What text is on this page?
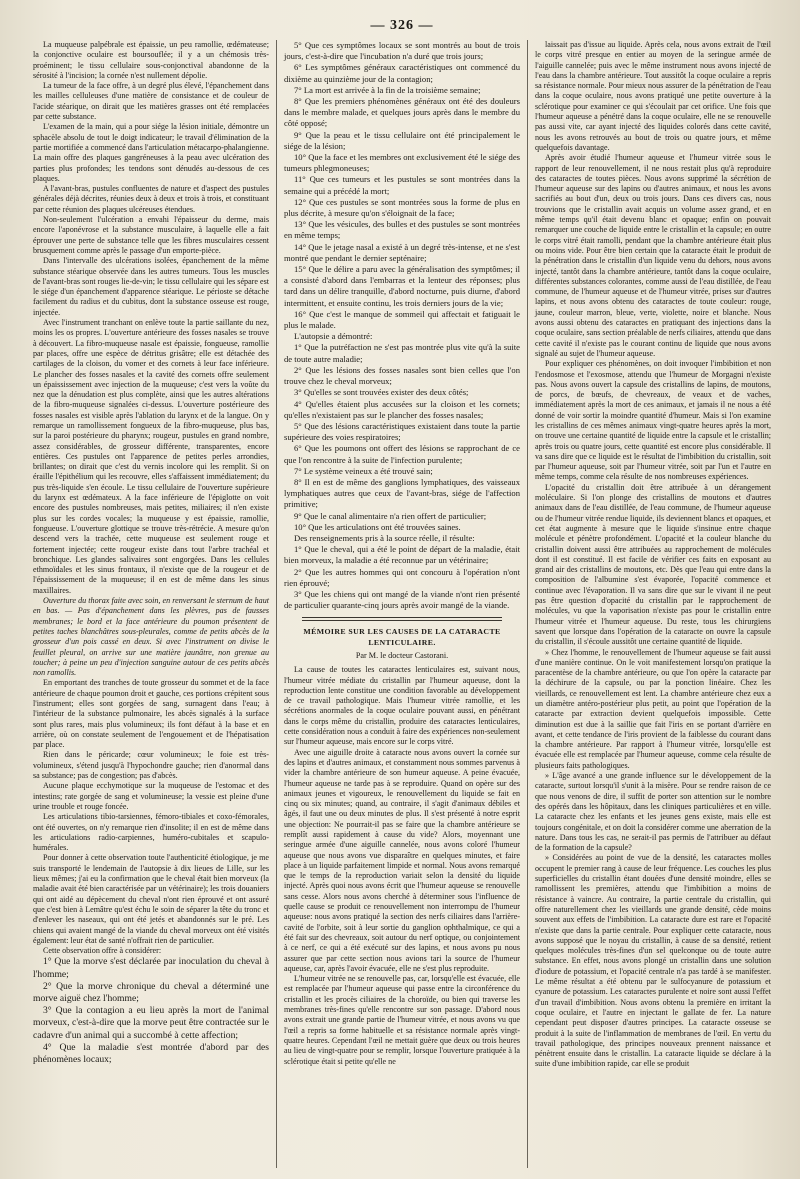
— 326 —

La muqueuse palpébrale est épaissie, un peu ramollie, œdémateuse; la conjonctive oculaire est boursouflée; il y a un chémosis très-proéminent; le tissu cellulaire sous-conjonctival abandonne de la sérosité à l'incision; la cornée n'est nullement dépolie.

La tumeur de la face offre, à un degré plus élevé, l'épanchement dans les mailles celluleuses d'une matière de consistance et de couleur de l'acide stéarique, on dirait que les matières grasses ont été remplacées par cette substance.

L'examen de la main, qui a pour siége la lésion initiale, démontre un sphacèle absolu de tout le doigt indicateur; le travail d'élimination de la partie mortifiée a commencé dans l'articulation métacarpo-phalangienne. La main offre des plaques gangréneuses à la peau avec ulcération des parties plus profondes; les tendons sont dénudés au-dessous de ces plaques.

A l'avant-bras, pustules confluentes de nature et d'aspect des pustules générales déjà décrites, réunies deux à deux et trois à trois, et constituant par cette réunion des plaques ulcéreuses étendues.

Non-seulement l'ulcération a envahi l'épaisseur du derme, mais encore l'aponévrose et la substance musculaire, à laquelle elle a fait éprouver une perte de substance telle que les fibres musculaires cessent brusquement comme après le passage d'un emporte-pièce.

Dans l'intervalle des ulcérations isolées, épanchement de la même substance stéarique observée dans les autres tumeurs. Tous les muscles de l'avant-bras sont rouges lie-de-vin; le tissu cellulaire qui les sépare est le siége d'un épanchement d'apparence stéarique. Le périoste se détache facilement du radius et du cubitus, dont la substance osseuse est rouge, injectée.

Avec l'instrument tranchant on enlève toute la partie saillante du nez, moins les os propres. L'ouverture antérieure des fosses nasales se trouve à découvert. La fibro-muqueuse nasale est épaissie, fongueuse, ramollie par places, offre une espèce de détritus grisâtre; elle est détachée des cartilages de la cloison, du vomer et des cornets à leur face inférieure. Le plancher des fosses nasales et la cavité des cornets offre seulement un épaississement avec injection de la muqueuse; c'est vers la voûte du nez que la dénudation est plus complète, ainsi que les autres altérations de la fibro-muqueuse signalées ci-dessus. L'ouverture postérieure des fosses nasales est visible après l'ablation du larynx et de la langue. On y remarque un ramollissement fongueux de la fibro-muqueuse, plus bas, sur la paroi postérieure du pharynx; rougeur, pustules en grand nombre, assez considérables, de grosseur différente, transparentes, encore entières. Ces pustules ont l'apparence de petites perles arrondies, brillantes; on dirait que c'est du vernis incolore qui les remplit. Si on éraille l'épithélium qui les recouvre, elles s'affaissent immédiatement; du pus très-liquide s'en écoule. Le tissu cellulaire de l'ouverture supérieure du larynx est œdémateux. A la face inférieure de l'épiglotte on voit encore des pustules nombreuses, mais petites, miliaires; il n'en existe plus sur les cordes vocales; la muqueuse y est épaissie, ramollie, fongueuse. L'ouverture glottique se trouve très-rétrécie. A mesure qu'on descend vers la trachée, cette muqueuse est seulement rouge et fortement injectée; cette rougeur existe dans tout l'arbre trachéal et bronchique. Les glandes salivaires sont engorgées. Dans les cellules ethmoïdales et les sinus frontaux, il n'existe que de la rougeur et de l'épaississement de la muqueuse; il en est de même dans les sinus maxillaires.

Ouverture du thorax faite avec soin, en renversant le sternum de haut en bas. — Pas d'épanchement dans les plèvres, pas de fausses membranes; le bord et la face antérieure du poumon présentent de petites taches blanchâtres sous-pleurales, comme de petits abcès de la grosseur d'un pois cassé en deux. Si avec l'instrument on divise le feuillet pleural, on arrive sur une matière jaunâtre, non grenue au toucher; à peine un peu d'injection sanguine autour de ces petits abcès non ramollis.

En emportant des tranches de toute grosseur du sommet et de la face antérieure de chaque poumon droit et gauche, ces portions crépitent sous l'instrument; elles sont gorgées de sang, surnagent dans l'eau; à l'intérieur de la substance pulmonaire, les abcès signalés à la surface sont plus rares, mais plus volumineux; ils font défaut à la base et en arrière, où on constate seulement de l'engouement et de l'hépatisation par place.

Rien dans le péricarde; cœur volumineux; le foie est très-volumineux, s'étend jusqu'à l'hypochondre gauche; rien d'anormal dans sa substance; pas de congestion; pas d'abcès.

Aucune plaque ecchymotique sur la muqueuse de l'estomac et des intestins; rate gorgée de sang et volumineuse; la vessie est pleine d'une urine trouble et rouge foncée.

Les articulations tibio-tarsiennes, fémoro-tibiales et coxo-fémorales, ont été ouvertes, on n'y remarque rien d'insolite; il en est de même dans les articulations radio-carpiennes, huméro-cubitales et scapulo-humérales.

Pour donner à cette observation toute l'authenticité étiologique, je me suis transporté le lendemain de l'autopsie à dix lieues de Lille, sur les lieux mêmes; j'ai eu la confirmation que le cheval était bien morveux (la maladie avait été bien caractérisée par un vétérinaire); les trois douaniers qui ont aidé au dépècement du cheval n'ont rien éprouvé et ont assuré que c'est bien à Lemâtre qu'est échu le soin de séparer la tête du tronc et d'enlever les naseaux, qui ont été jetés et abandonnés sur le pré. Les chiens qui avaient mangé de la viande du cheval morveux ont été visités également: leur état de santé n'offrait rien de particulier.

Cette observation offre à considérer:

1° Que la morve s'est déclarée par inoculation du cheval à l'homme;

2° Que la morve chronique du cheval a déterminé une morve aiguë chez l'homme;

3° Que la contagion a eu lieu après la mort de l'animal morveux, c'est-à-dire que la morve peut être contractée sur le cadavre d'un animal qui a succombé à cette affection;

4° Que la maladie s'est montrée d'abord par des phénomènes locaux;

5° Que ces symptômes locaux se sont montrés au bout de trois jours, c'est-à-dire que l'incubation n'a duré que trois jours;

6° Les symptômes généraux caractéristiques ont commencé du dixième au quinzième jour de la contagion;

7° La mort est arrivée à la fin de la troisième semaine;

8° Que les premiers phénomènes généraux ont été des douleurs dans le membre malade, et quelques jours après dans le membre du côté opposé;

9° Que la peau et le tissu cellulaire ont été principalement le siége de la lésion;

10° Que la face et les membres ont exclusivement été le siége des tumeurs phlegmoneuses;

11° Que ces tumeurs et les pustules se sont montrées dans la semaine qui a précédé la mort;

12° Que ces pustules se sont montrées sous la forme de plus en plus décrite, à mesure qu'on s'éloignait de la face;

13° Que les vésicules, des bulles et des pustules se sont montrées en même temps;

14° Que le jetage nasal a existé à un degré très-intense, et ne s'est montré que pendant le dernier septénaire;

15° Que le délire a paru avec la généralisation des symptômes; il a consisté d'abord dans l'embarras et la lenteur des réponses; plus tard dans un délire tranquille, d'abord nocturne, puis diurne, d'abord intermittent, et ensuite continu, les trois derniers jours de la vie;

16° Que c'est le manque de sommeil qui affectait et fatiguait le plus le malade.

L'autopsie a démontré:

1° Que la putréfaction ne s'est pas montrée plus vite qu'à la suite de toute autre maladie;

2° Que les lésions des fosses nasales sont bien celles que l'on trouve chez le cheval morveux;

3° Qu'elles se sont trouvées exister des deux côtés;

4° Qu'elles étaient plus accusées sur la cloison et les cornets; qu'elles n'existaient pas sur le plancher des fosses nasales;

5° Que des lésions caractéristiques existaient dans toute la partie supérieure des voies respiratoires;

6° Que les poumons ont offert des lésions se rapprochant de ce que l'on rencontre à la suite de l'infection purulente;

7° Le système veineux a été trouvé sain;

8° Il en est de même des ganglions lymphatiques, des vaisseaux lymphatiques autres que ceux de l'avant-bras, siége de l'affection primitive;

9° Que le canal alimentaire n'a rien offert de particulier;

10° Que les articulations ont été trouvées saines.

Des renseignements pris à la source réelle, il résulte:

1° Que le cheval, qui a été le point de départ de la maladie, était bien morveux, la maladie a été reconnue par un vétérinaire;

2° Que les autres hommes qui ont concouru à l'opération n'ont rien éprouvé;

3° Que les chiens qui ont mangé de la viande n'ont rien présenté de particulier quarante-cinq jours après avoir mangé de la viande.

MÉMOIRE SUR LES CAUSES DE LA CATARACTE LENTICULAIRE.
Par M. le docteur Castorani.

La cause de toutes les cataractes lenticulaires est, suivant nous, l'humeur vitrée médiate du cristallin par l'humeur aqueuse, dont la reproduction lente constitue une condition favorable au développement de ce travail pathologique. Mais l'humeur vitrée ramollie, et les sécrétions anormales de la coque oculaire pouvant aussi, en pénétrant dans le corps même du cristallin, produire des cataractes lenticulaires, cette considération nous a conduit à faire des expériences non-seulement sur l'humeur aqueuse, mais encore sur le corps vitré.

Avec une aiguille droite à cataracte nous avons ouvert la cornée sur des lapins et d'autres animaux, et constamment nous sommes parvenus à vider la chambre antérieure de son humeur aqueuse. A peine évacuée, l'humeur aqueuse ne tarde pas à se reproduire. Quand on opère sur des animaux jeunes et vigoureux, le renouvellement du liquide se fait en cinq ou six minutes; quand, au contraire, il s'agit d'animaux débiles et âgés, il faut une ou deux minutes de plus. Il s'est présenté à notre esprit une objection: Ne pourrait-il pas se faire que la chambre antérieure se remplît aussi rapidement à cause du vide? Alors, moyennant une seringue armée d'une aiguille cannelée, nous avons coloré l'humeur aqueuse que nous avons vue disparaître en quelques minutes, et faire place à un liquide parfaitement limpide et normal. Nous avons remarqué que le temps de la reproduction variait selon la densité du liquide injecté. Après quoi nous avons écrit que l'humeur aqueuse se renouvelle sans cesse. Alors nous avons cherché à déterminer sous l'influence de quelle cause se produit ce renouvellement non interrompu de l'humeur aqueuse: nous avons pratiqué la section des nerfs ciliaires dans l'arrière-cavité de l'orbite, soit à leur sortie du ganglion ophthalmique, ce qui a été fait sur des chevreaux, soit autour du nerf optique, ou conjointement à ce nerf, ce qui a été exécuté sur des lapins, et nous avons pu nous assurer que par cette section nous avions tari la source de l'humeur aqueuse, car, après l'avoir évacuée, elle ne s'est plus reproduite.

L'humeur vitrée ne se renouvelle pas, car, lorsqu'elle est évacuée, elle est remplacée par l'humeur aqueuse qui passe entre la circonférence du cristallin et les procès ciliaires de la choroïde, ou bien qui traverse les membranes très-fines qu'elle rencontre sur son passage. D'abord nous avons extrait une grande partie de l'humeur vitrée, et nous avons vu que l'œil a repris sa forme habituelle et sa résistance normale après vingt-quatre heures. Cependant l'œil ne mettait guère que deux ou trois heures au lieu de vingt-quatre pour se remplir, lorsque l'ouverture pratiquée à la sclérotique était si petite qu'elle ne

laissait pas d'issue au liquide. Après cela, nous avons extrait de l'œil le corps vitré presque en entier au moyen de la seringue armée de l'aiguille cannelée; puis avec le même instrument nous avons injecté de l'eau dans la chambre antérieure. Tout aussitôt la coque oculaire a repris sa résistance normale. Pour mieux nous assurer de la pénétration de l'eau dans la coque oculaire, nous avons pratiqué une petite ouverture à la sclérotique pour examiner ce qui s'écoulait par cet orifice. Une fois que l'humeur aqueuse a pénétré dans la coque oculaire, elle ne se renouvelle pas aussi vite, car ayant injecté des liquides colorés dans cette cavité, nous les avons retrouvés au bout de trois ou quatre jours, et même quelquefois davantage.

Après avoir étudié l'humeur aqueuse et l'humeur vitrée sous le rapport de leur renouvellement, il ne nous restait plus qu'à reproduire des cataractes de toutes pièces. Nous avons supprimé la sécrétion de l'humeur aqueuse sur des lapins ou d'autres animaux, et nous les avons sacrifiés au bout d'un, deux ou trois jours. Dans ces divers cas, nous trouvions que le cristallin avait acquis un volume assez grand, et en même temps qu'il était devenu blanc et opaque; enfin on pouvait remarquer une couche de liquide entre le cristallin et la capsule; en outre le corps vitré était ramolli, pendant que la chambre antérieure était plus ou moins vide. Pour être bien certain que la cataracte était le produit de la pénétration dans le cristallin d'un liquide venu du dehors, nous avons injecté, tantôt dans la chambre antérieure, tantôt dans la coque oculaire, différentes substances colorantes, comme aussi de l'eau distillée, de l'eau commune, de l'humeur aqueuse et de l'humeur vitrée, prises sur d'autres lapins, et nous avons obtenu des cataractes de toute couleur: rouge, jaune, couleur marron, bleue, verte, violette, noire et blanche. Nous avons aussi obtenu des cataractes en pratiquant des injections dans la coque oculaire, sans section préalable de nerfs ciliaires, attendu que dans cette cavité il n'existe pas le courant continu de liquide que nous avons signalé au sujet de l'humeur aqueuse.

Pour expliquer ces phénomènes, on doit invoquer l'imbibition et non l'endosmose et l'exosmose, attendu que l'humeur de Morgagni n'existe pas. Nous avons ouvert la capsule des cristallins de lapins, de moutons, de porcs, de bœufs, de chevreaux, de veaux et de vaches, immédiatement après la mort de ces animaux, et jamais il ne nous a été donné de voir sortir la moindre quantité d'humeur. Mais si l'on examine les cristallins de ces mêmes animaux vingt-quatre heures après la mort, on trouve une certaine quantité de liquide entre la capsule et le cristallin; après trois ou quatre jours, cette quantité est encore plus considérable. Il va sans dire que ce liquide est le résultat de l'imbibition du cristallin, soit par l'humeur aqueuse, soit par l'humeur vitrée, soit par l'un et l'autre en même temps, comme cela résulte de nos nombreuses expériences.

L'opacité du cristallin doit être attribuée à un dérangement moléculaire. Si l'on plonge des cristallins de moutons et d'autres animaux dans de l'eau distillée, de l'eau commune, de l'humeur aqueuse ou de l'humeur vitrée rendue liquide, ils deviennent blancs et opaques, et cet état augmente à mesure que le liquide s'insinue entre chaque molécule et pénètre profondément. L'opacité et la couleur blanche du cristallin doivent aussi être attribuées au rapprochement de molécules dont il est constitué. Il est facile de vérifier ces faits en exposant au grand air des cristallins de moutons, etc. Dès que l'eau qui entre dans la composition de l'albumine s'est évaporée, l'opacité commence et continue avec l'évaporation. Il va sans dire que sur le vivant il ne peut pas être question d'opacité du cristallin par le rapprochement de molécules, vu que la vaporisation n'existe pas pour le cristallin entre l'humeur vitrée et l'humeur aqueuse. Du reste, tous les chirurgiens savent que lorsque dans l'opération de la cataracte on ouvre la capsule du cristallin, il s'écoule aussitôt une certaine quantité de liquide.

» Chez l'homme, le renouvellement de l'humeur aqueuse se fait aussi d'une manière continue. On le voit manifestement lorsqu'on pratique la paracentèse de la chambre antérieure, ou que l'on opère la cataracte par la déchirure de la capsule, ou par la ponction linéaire. Chez les vieillards, ce renouvellement est lent. La chambre antérieure chez eux a un diamètre antéro-postérieur plus petit, au point que l'opération de la cataracte par extraction devient quelquefois impossible. Cette diminution est due à la saillie que fait l'iris en se portant d'arrière en avant, et cette tendance de l'iris provient de la faiblesse du courant dans la chambre antérieure. Par rapport à l'humeur vitrée, lorsqu'elle est évacuée elle est remplacée par l'humeur aqueuse, comme cela résulte de plusieurs faits pathologiques.

» L'âge avancé a une grande influence sur le développement de la cataracte, surtout lorsqu'il s'unit à la misère. Pour se rendre raison de ce que nous venons de dire, il suffit de porter son attention sur le nombre des opérés dans les hôpitaux, dans les cliniques particulières et en ville. La cataracte chez les enfants et les jeunes gens existe, mais elle est toujours congénitale, et on doit la considérer comme une aberration de la nature. Dans tous les cas, ne serait-il pas permis de l'attribuer au défaut de la formation de la capsule?

» Considérées au point de vue de la densité, les cataractes molles occupent le premier rang à cause de leur fréquence. Les couches les plus superficielles du cristallin étant douées d'une densité moindre, elles se ramollissent les premières, attendu que l'imbibition a moins de résistance à vaincre. Au contraire, la partie centrale du cristallin, qui offre naturellement chez les vieillards une grande densité, cède moins souvent aux effets de l'imbibition. La cataracte dure est rare et l'opacité n'existe que dans la partie centrale. Pour expliquer cette cataracte, nous avons supposé que le noyau du cristallin, à cause de sa densité, retient quelques molécules très-fines d'un sel quelconque ou de toute autre substance. En effet, nous avons plongé un cristallin dans une solution d'iodure de potassium, et l'opacité centrale n'a pas tardé à se manifester. Le même résultat a été obtenu par le sulfocyanure de potassium et cyanure de potassium. Les cataractes purulente et noire sont aussi l'effet d'un travail d'imbibition. Nous avons obtenu la première en irritant la coque oculaire, et l'autre en injectant le gallate de fer. La nature cependant peut disposer d'autres principes. La cataracte osseuse se produit à la suite de l'inflammation de membranes de l'œil. En vertu du travail pathologique, des principes nouveaux prennent naissance et pénètrent ensuite dans le cristallin. La cataracte liquide se déclare à la suite d'une imbibition rapide, car elle se produit
